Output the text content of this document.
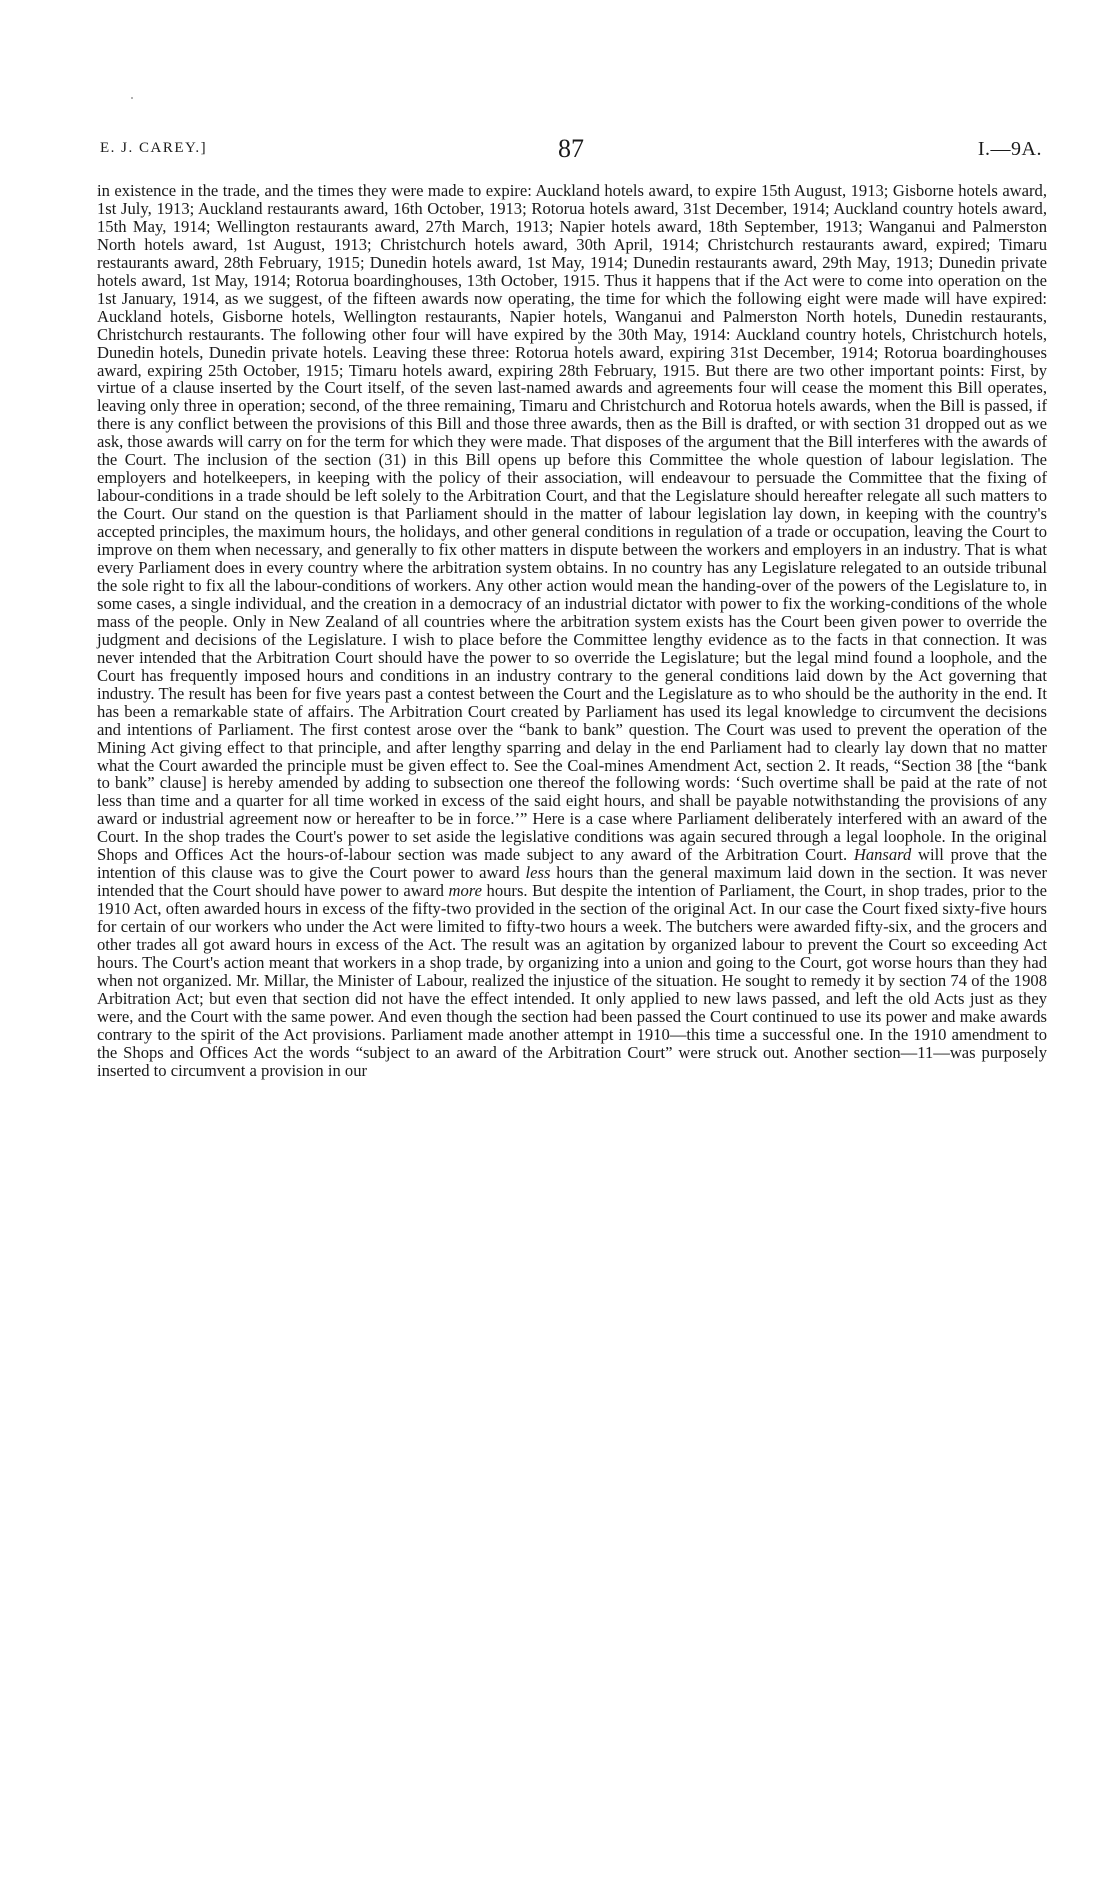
E. J. CAREY.]	87	I.—9A.

in existence in the trade, and the times they were made to expire: Auckland hotels award, to expire 15th August, 1913; Gisborne hotels award, 1st July, 1913; Auckland restaurants award, 16th October, 1913; Rotorua hotels award, 31st December, 1914; Auckland country hotels award, 15th May, 1914; Wellington restaurants award, 27th March, 1913; Napier hotels award, 18th September, 1913; Wanganui and Palmerston North hotels award, 1st August, 1913; Christchurch hotels award, 30th April, 1914; Christchurch restaurants award, expired; Timaru restaurants award, 28th February, 1915; Dunedin hotels award, 1st May, 1914; Dunedin restaurants award, 29th May, 1913; Dunedin private hotels award, 1st May, 1914; Rotorua boardinghouses, 13th October, 1915. Thus it happens that if the Act were to come into operation on the 1st January, 1914, as we suggest, of the fifteen awards now operating, the time for which the following eight were made will have expired: Auckland hotels, Gisborne hotels, Wellington restaurants, Napier hotels, Wanganui and Palmerston North hotels, Dunedin restaurants, Christchurch restaurants. The following other four will have expired by the 30th May, 1914: Auckland country hotels, Christchurch hotels, Dunedin hotels, Dunedin private hotels. Leaving these three: Rotorua hotels award, expiring 31st December, 1914; Rotorua boardinghouses award, expiring 25th October, 1915; Timaru hotels award, expiring 28th February, 1915. But there are two other important points: First, by virtue of a clause inserted by the Court itself, of the seven last-named awards and agreements four will cease the moment this Bill operates, leaving only three in operation; second, of the three remaining, Timaru and Christchurch and Rotorua hotels awards, when the Bill is passed, if there is any conflict between the provisions of this Bill and those three awards, then as the Bill is drafted, or with section 31 dropped out as we ask, those awards will carry on for the term for which they were made. That disposes of the argument that the Bill interferes with the awards of the Court. The inclusion of the section (31) in this Bill opens up before this Committee the whole question of labour legislation. The employers and hotelkeepers, in keeping with the policy of their association, will endeavour to persuade the Committee that the fixing of labour-conditions in a trade should be left solely to the Arbitration Court, and that the Legislature should hereafter relegate all such matters to the Court. Our stand on the question is that Parliament should in the matter of labour legislation lay down, in keeping with the country's accepted principles, the maximum hours, the holidays, and other general conditions in regulation of a trade or occupation, leaving the Court to improve on them when necessary, and generally to fix other matters in dispute between the workers and employers in an industry. That is what every Parliament does in every country where the arbitration system obtains. In no country has any Legislature relegated to an outside tribunal the sole right to fix all the labour-conditions of workers. Any other action would mean the handing-over of the powers of the Legislature to, in some cases, a single individual, and the creation in a democracy of an industrial dictator with power to fix the working-conditions of the whole mass of the people. Only in New Zealand of all countries where the arbitration system exists has the Court been given power to override the judgment and decisions of the Legislature. I wish to place before the Committee lengthy evidence as to the facts in that connection. It was never intended that the Arbitration Court should have the power to so override the Legislature; but the legal mind found a loophole, and the Court has frequently imposed hours and conditions in an industry contrary to the general conditions laid down by the Act governing that industry. The result has been for five years past a contest between the Court and the Legislature as to who should be the authority in the end. It has been a remarkable state of affairs. The Arbitration Court created by Parliament has used its legal knowledge to circumvent the decisions and intentions of Parliament. The first contest arose over the “bank to bank” question. The Court was used to prevent the operation of the Mining Act giving effect to that principle, and after lengthy sparring and delay in the end Parliament had to clearly lay down that no matter what the Court awarded the principle must be given effect to. See the Coal-mines Amendment Act, section 2. It reads, “Section 38 [the “bank to bank” clause] is hereby amended by adding to subsection one thereof the following words: ‘Such overtime shall be paid at the rate of not less than time and a quarter for all time worked in excess of the said eight hours, and shall be payable notwithstanding the provisions of any award or industrial agreement now or hereafter to be in force.’” Here is a case where Parliament deliberately interfered with an award of the Court. In the shop trades the Court's power to set aside the legislative conditions was again secured through a legal loophole. In the original Shops and Offices Act the hours-of-labour section was made subject to any award of the Arbitration Court. Hansard will prove that the intention of this clause was to give the Court power to award less hours than the general maximum laid down in the section. It was never intended that the Court should have power to award more hours. But despite the intention of Parliament, the Court, in shop trades, prior to the 1910 Act, often awarded hours in excess of the fifty-two provided in the section of the original Act. In our case the Court fixed sixty-five hours for certain of our workers who under the Act were limited to fifty-two hours a week. The butchers were awarded fifty-six, and the grocers and other trades all got award hours in excess of the Act. The result was an agitation by organized labour to prevent the Court so exceeding Act hours. The Court's action meant that workers in a shop trade, by organizing into a union and going to the Court, got worse hours than they had when not organized. Mr. Millar, the Minister of Labour, realized the injustice of the situation. He sought to remedy it by section 74 of the 1908 Arbitration Act; but even that section did not have the effect intended. It only applied to new laws passed, and left the old Acts just as they were, and the Court with the same power. And even though the section had been passed the Court continued to use its power and make awards contrary to the spirit of the Act provisions. Parliament made another attempt in 1910—this time a successful one. In the 1910 amendment to the Shops and Offices Act the words “subject to an award of the Arbitration Court” were struck out. Another section—11—was purposely inserted to circumvent a provision in our
